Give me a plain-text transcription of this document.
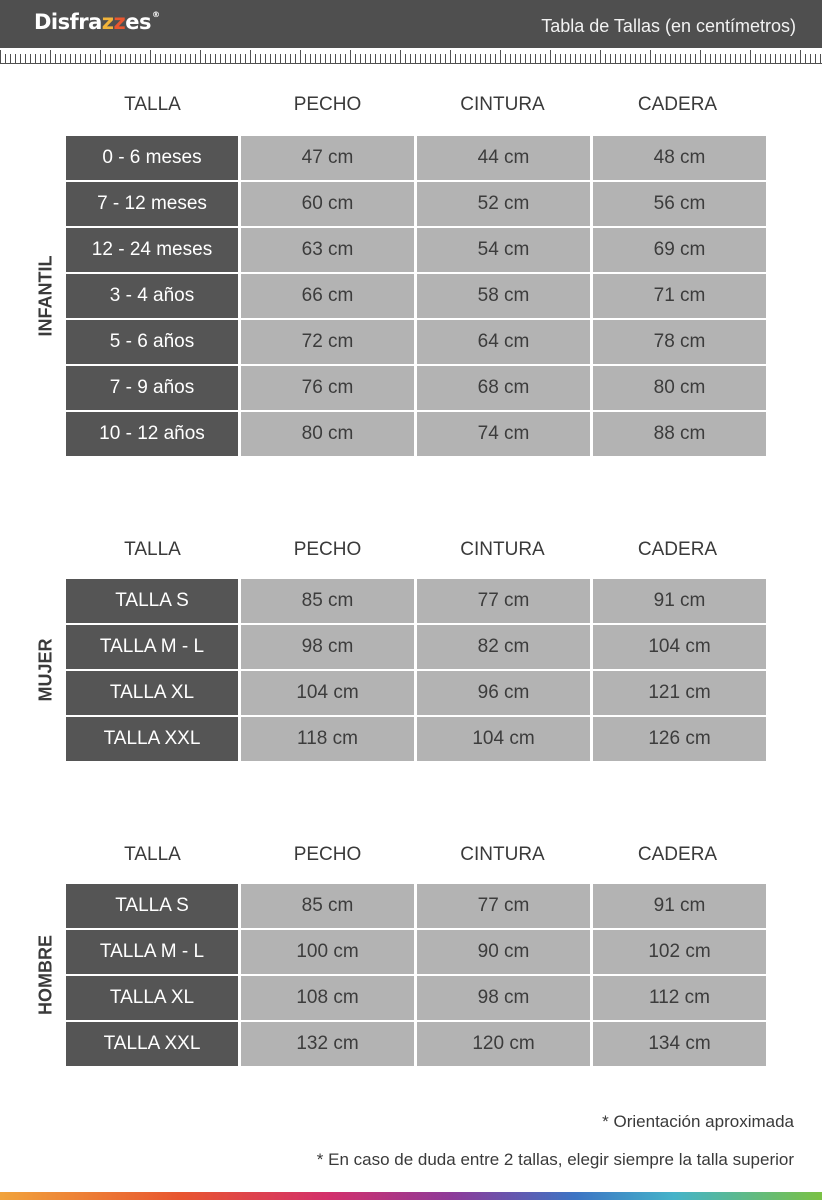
Disfrazzes®
Tabla de Tallas (en centímetros)
TALLA	PECHO	CINTURA	CADERA
INFANTIL
0 - 6 meses	47 cm	44 cm	48 cm
7 - 12 meses	60 cm	52 cm	56 cm
12 - 24 meses	63 cm	54 cm	69 cm
3 - 4 años	66 cm	58 cm	71 cm
5 - 6 años	72 cm	64 cm	78 cm
7 - 9 años	76 cm	68 cm	80 cm
10 - 12 años	80 cm	74 cm	88 cm
TALLA	PECHO	CINTURA	CADERA
MUJER
TALLA S	85 cm	77 cm	91 cm
TALLA M - L	98 cm	82 cm	104 cm
TALLA XL	104 cm	96 cm	121 cm
TALLA XXL	118 cm	104 cm	126 cm
TALLA	PECHO	CINTURA	CADERA
HOMBRE
TALLA S	85 cm	77 cm	91 cm
TALLA M - L	100 cm	90 cm	102 cm
TALLA XL	108 cm	98 cm	112 cm
TALLA XXL	132 cm	120 cm	134 cm
* Orientación aproximada
* En caso de duda entre 2 tallas, elegir siempre la talla superior
